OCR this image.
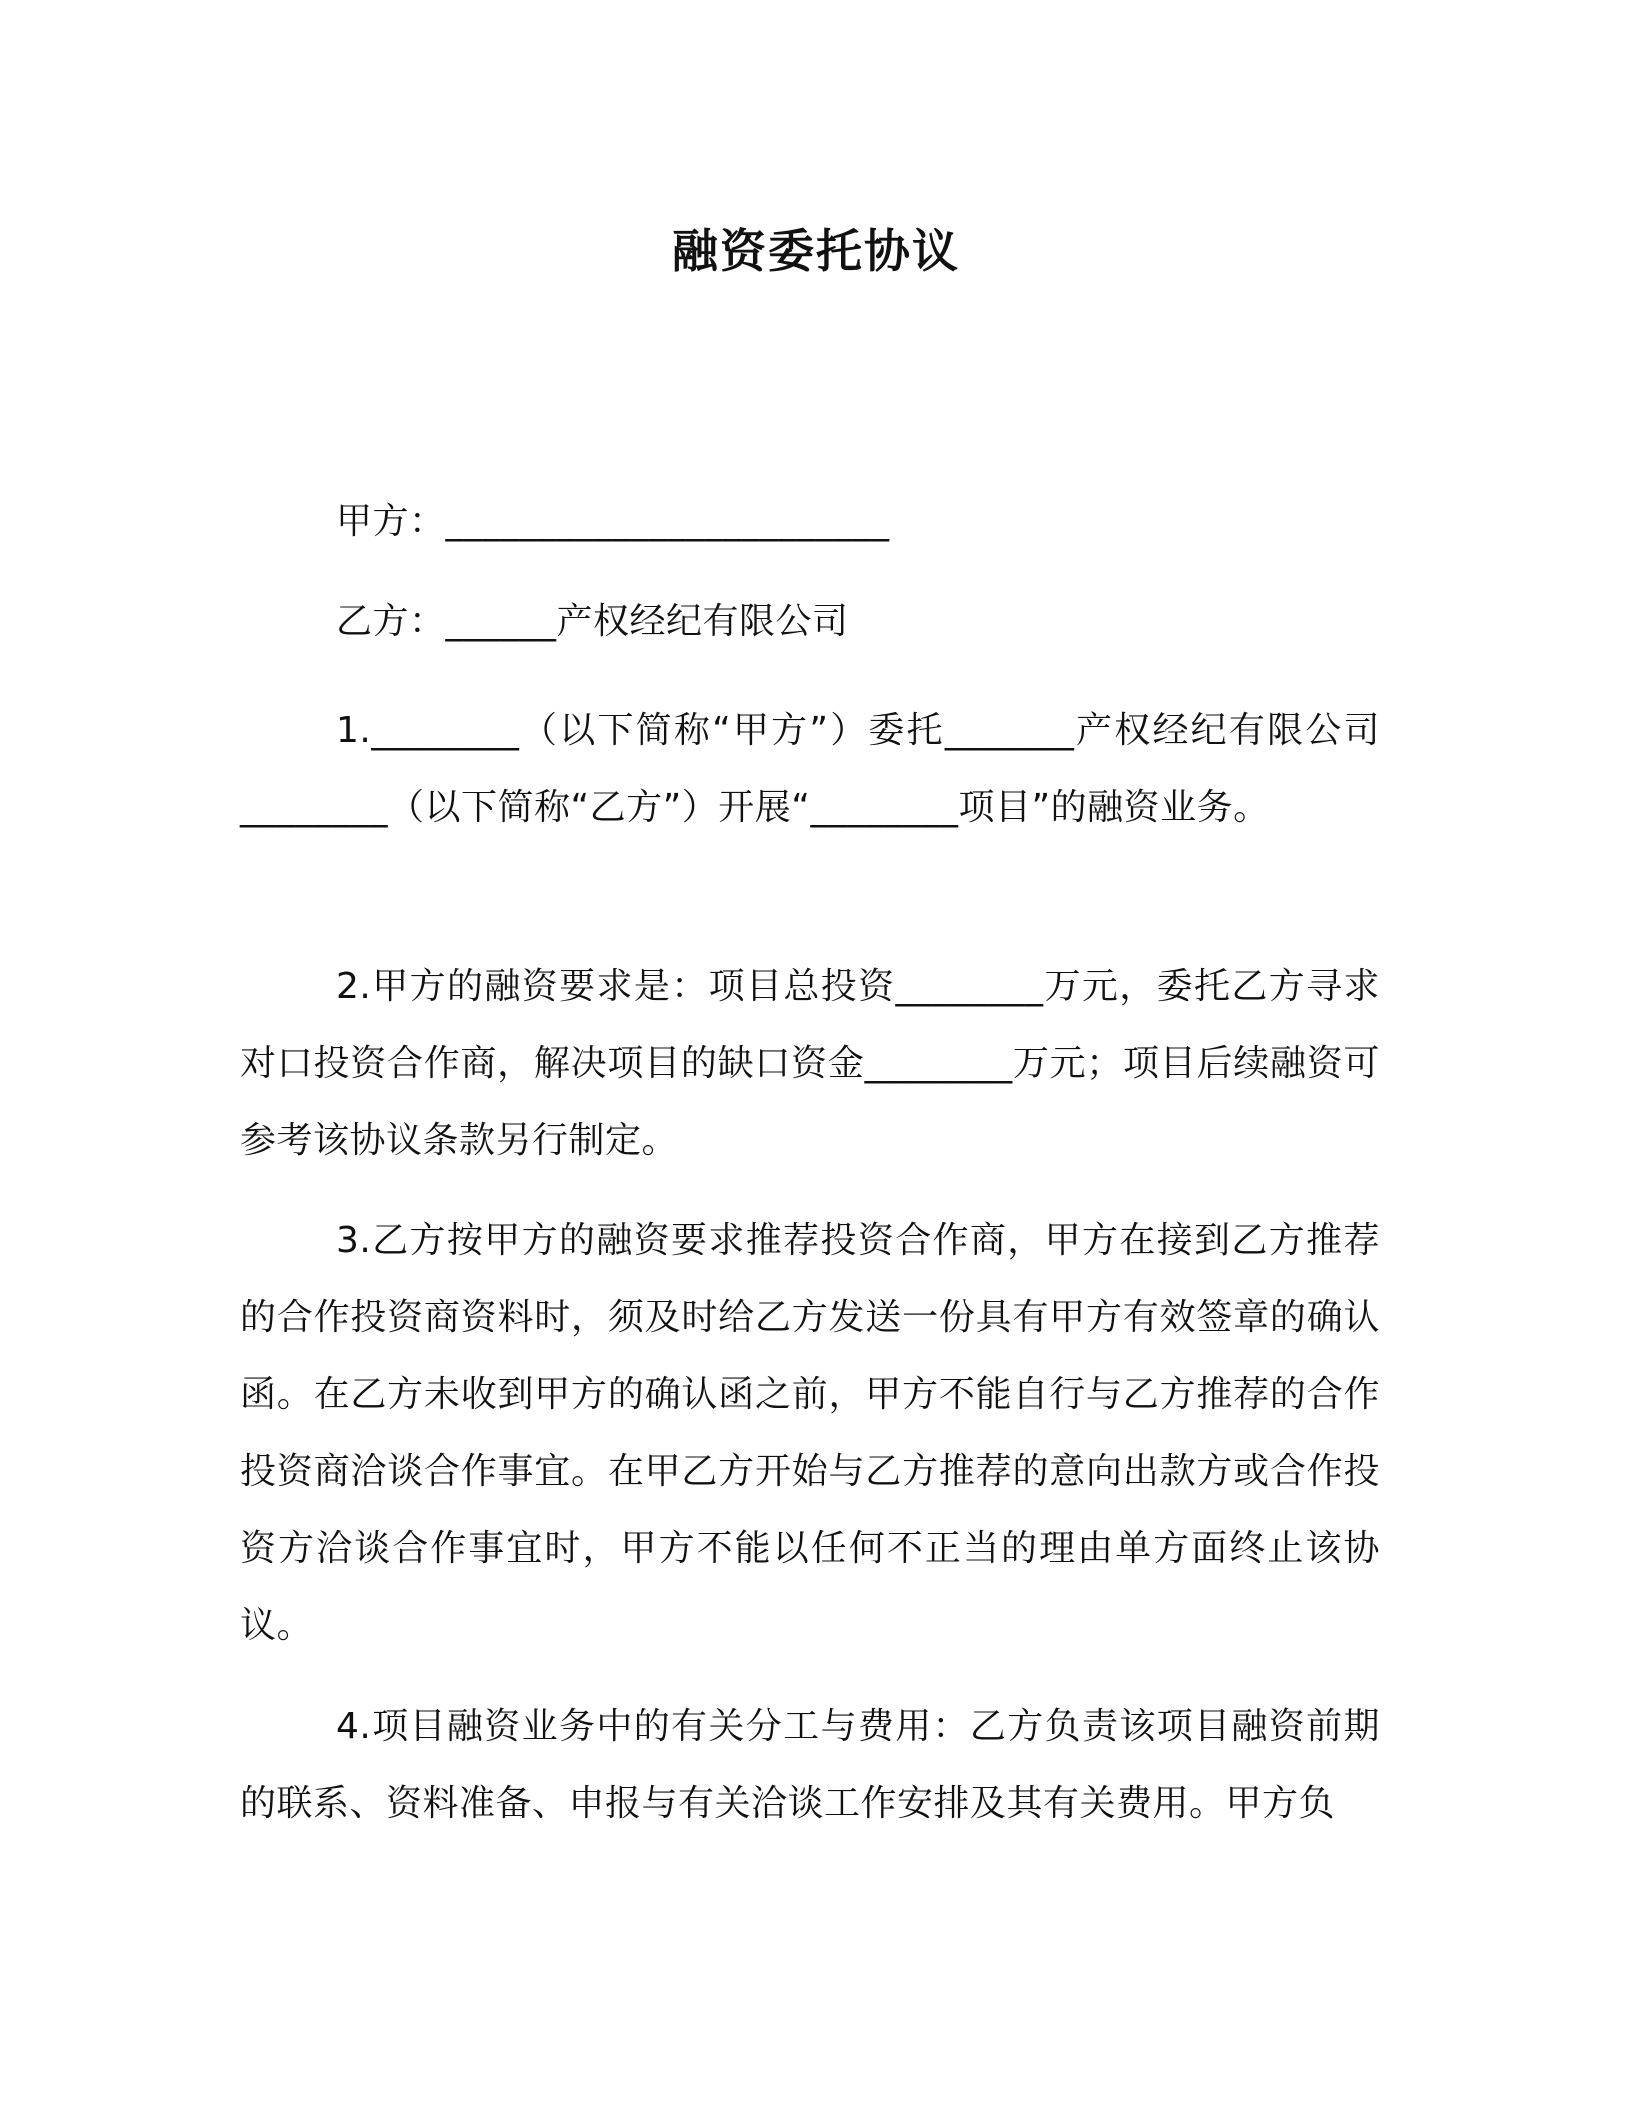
融资委托协议
甲方：________________________
乙方：______产权经纪有限公司
1.________（以下简称“甲方”）委托_______产权经纪有限公司________（以下简称“乙方”）开展“________项目”的融资业务。
2.甲方的融资要求是：项目总投资________万元，委托乙方寻求对口投资合作商，解决项目的缺口资金________万元；项目后续融资可参考该协议条款另行制定。
3.乙方按甲方的融资要求推荐投资合作商，甲方在接到乙方推荐的合作投资商资料时，须及时给乙方发送一份具有甲方有效签章的确认函。在乙方未收到甲方的确认函之前，甲方不能自行与乙方推荐的合作投资商洽谈合作事宜。在甲乙方开始与乙方推荐的意向出款方或合作投资方洽谈合作事宜时，甲方不能以任何不正当的理由单方面终止该协议。
4.项目融资业务中的有关分工与费用：乙方负责该项目融资前期的联系、资料准备、申报与有关洽谈工作安排及其有关费用。甲方负
